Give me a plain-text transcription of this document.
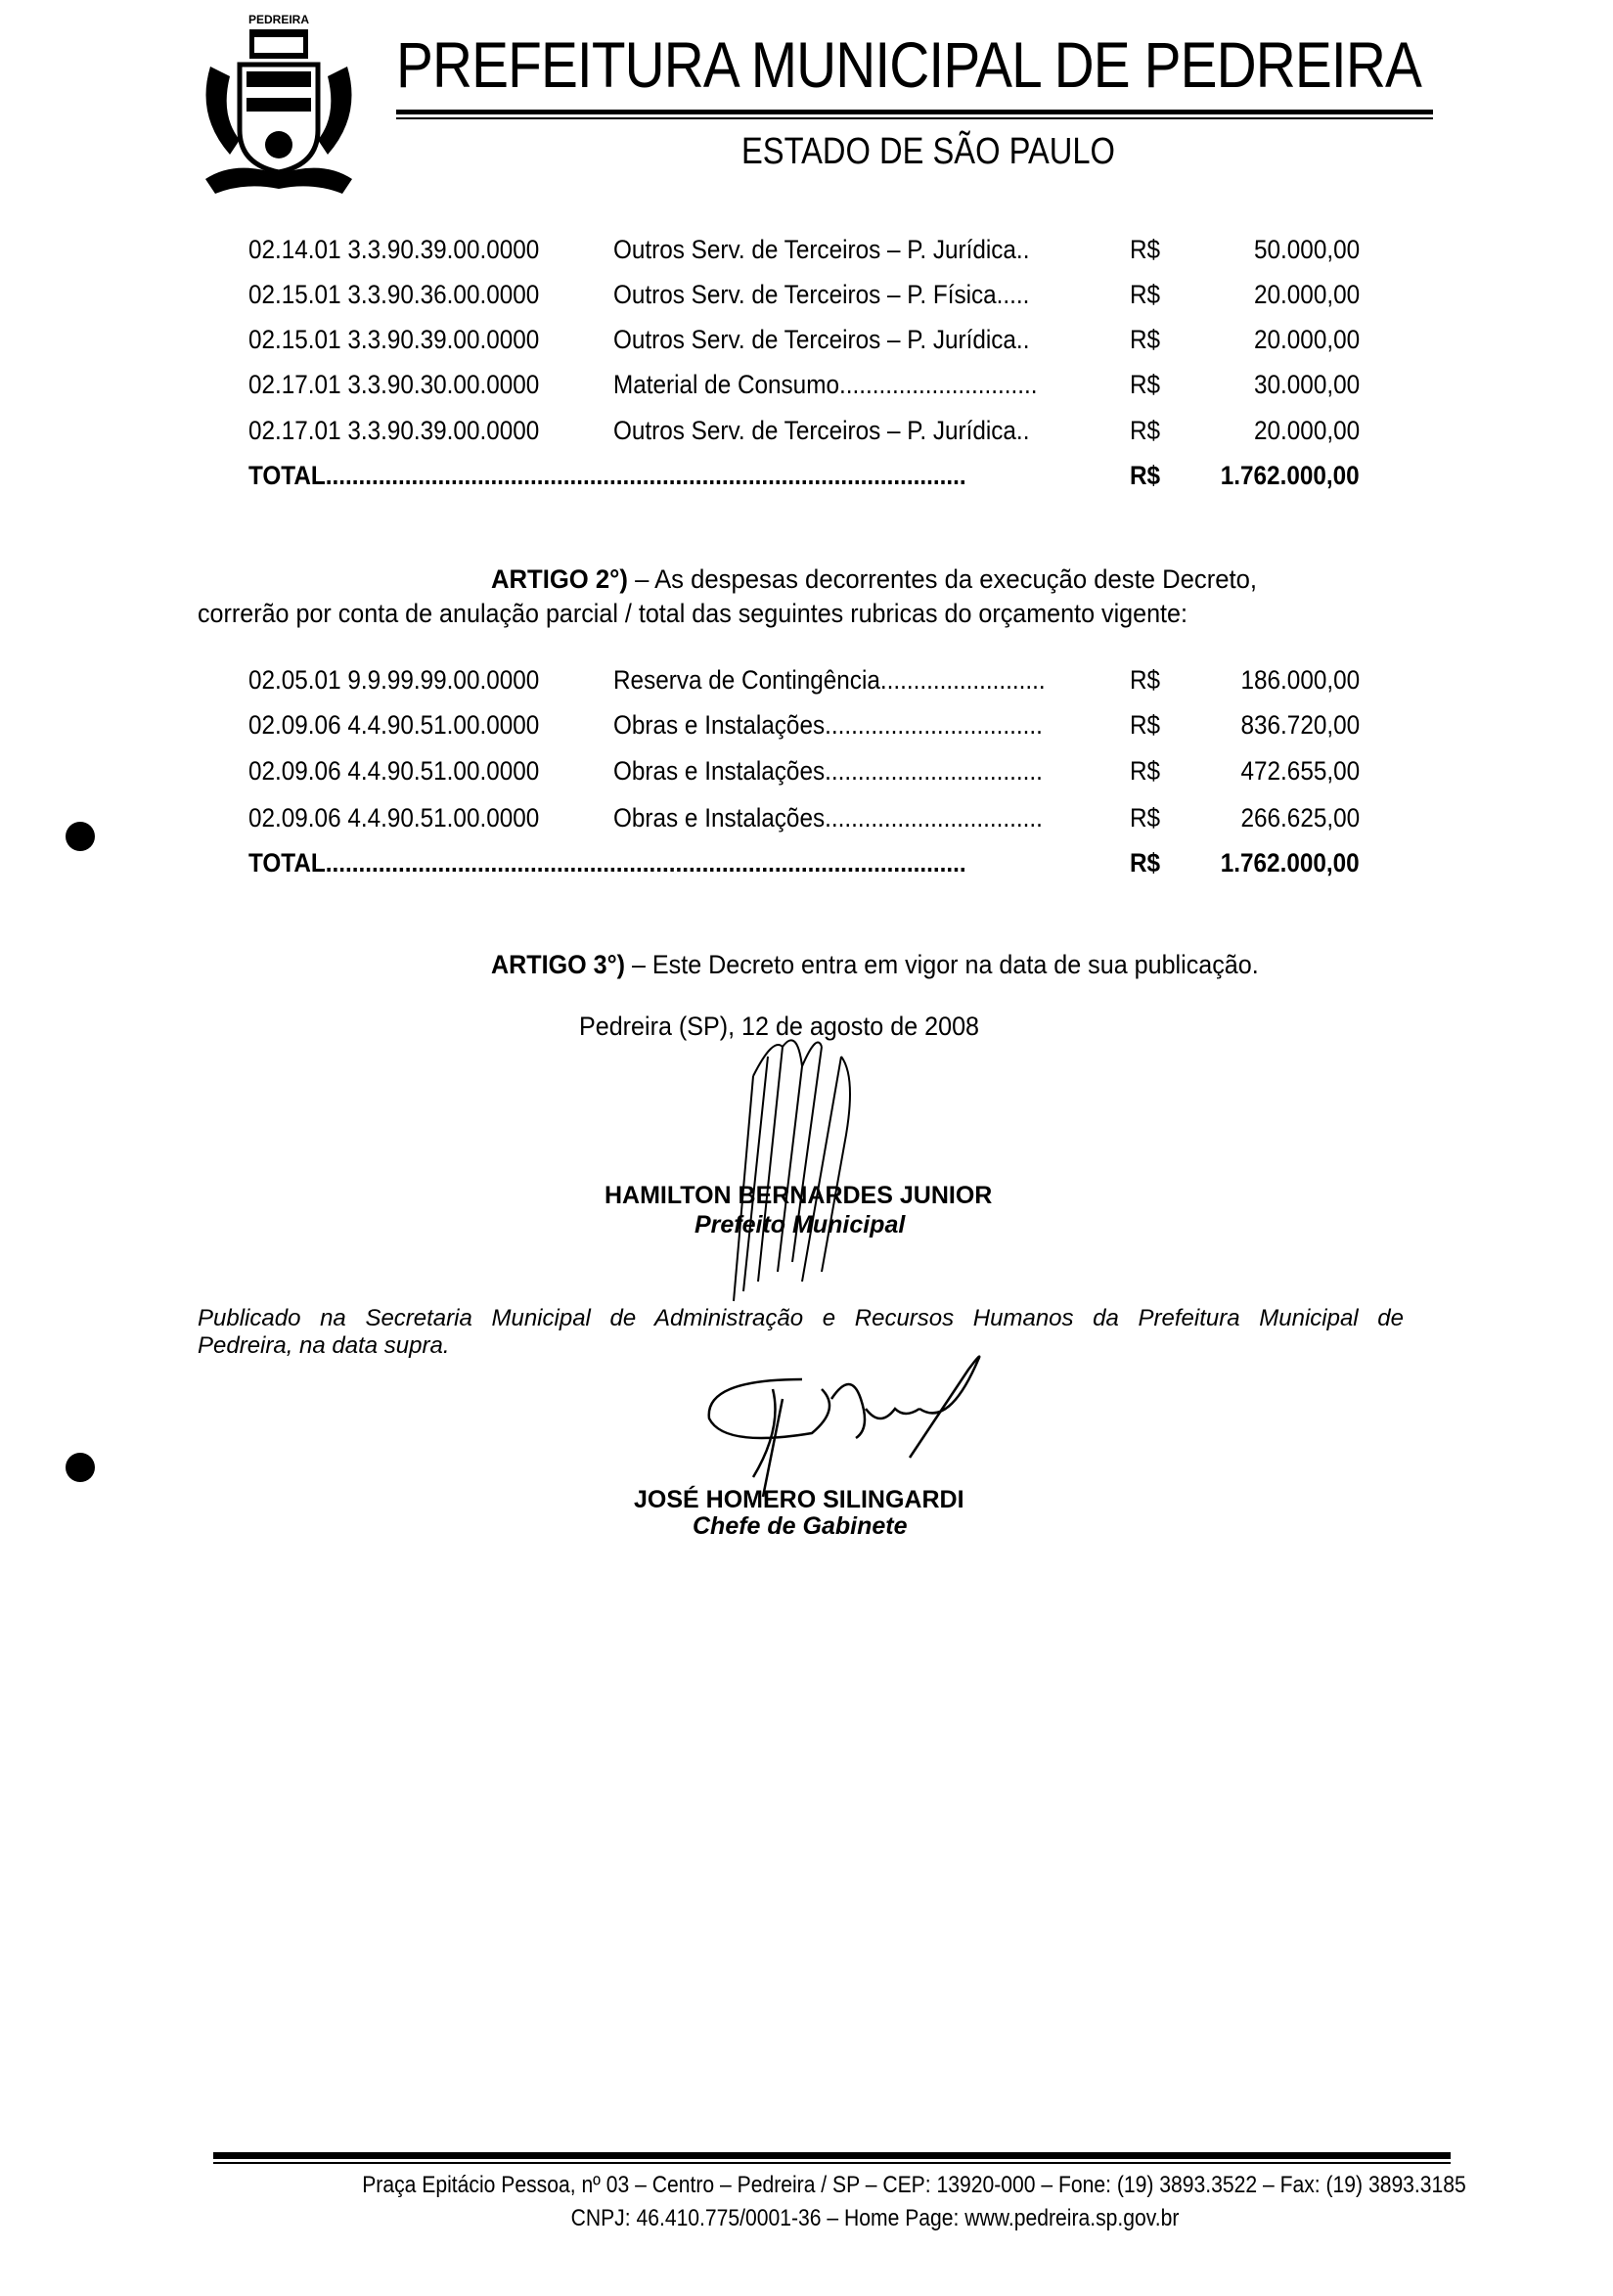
PEDREIRA
PREFEITURA MUNICIPAL DE PEDREIRA
ESTADO DE SÃO PAULO
02.14.01 3.3.90.39.00.0000	Outros Serv. de Terceiros – P. Jurídica..	R$	50.000,00
02.15.01 3.3.90.36.00.0000	Outros Serv. de Terceiros – P. Física.....	R$	20.000,00
02.15.01 3.3.90.39.00.0000	Outros Serv. de Terceiros – P. Jurídica..	R$	20.000,00
02.17.01 3.3.90.30.00.0000	Material de Consumo..............................	R$	30.000,00
02.17.01 3.3.90.39.00.0000	Outros Serv. de Terceiros – P. Jurídica..	R$	20.000,00
TOTAL.................................................................................................	R$ 1.762.000,00
ARTIGO 2°) – As despesas decorrentes da execução deste Decreto,
correrão por conta de anulação parcial / total das seguintes rubricas do orçamento vigente:
02.05.01 9.9.99.99.00.0000	Reserva de Contingência.........................	R$	186.000,00
02.09.06 4.4.90.51.00.0000	Obras e Instalações.................................	R$	836.720,00
02.09.06 4.4.90.51.00.0000	Obras e Instalações.................................	R$	472.655,00
02.09.06 4.4.90.51.00.0000	Obras e Instalações.................................	R$	266.625,00
TOTAL.................................................................................................	R$ 1.762.000,00
ARTIGO 3°) – Este Decreto entra em vigor na data de sua publicação.
Pedreira (SP), 12 de agosto de 2008
HAMILTON BERNARDES JUNIOR
Prefeito Municipal
Publicado na Secretaria Municipal de Administração e Recursos Humanos da Prefeitura Municipal de
Pedreira, na data supra.
JOSÉ HOMERO SILINGARDI
Chefe de Gabinete
Praça Epitácio Pessoa, nº 03 – Centro – Pedreira / SP – CEP: 13920-000 – Fone: (19) 3893.3522 – Fax: (19) 3893.3185
CNPJ: 46.410.775/0001-36 – Home Page: www.pedreira.sp.gov.br
